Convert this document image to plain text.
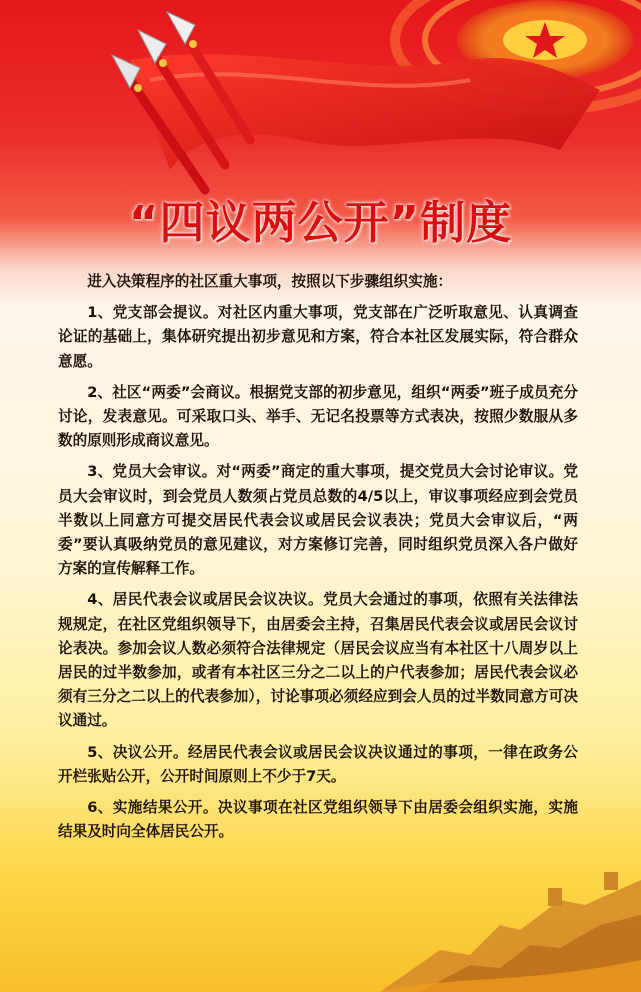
“四议两公开”制度

进入决策程序的社区重大事项，按照以下步骤组织实施：

1、党支部会提议。对社区内重大事项，党支部在广泛听取意见、认真调查论证的基础上，集体研究提出初步意见和方案，符合本社区发展实际，符合群众意愿。

2、社区“两委”会商议。根据党支部的初步意见，组织“两委”班子成员充分讨论，发表意见。可采取口头、举手、无记名投票等方式表决，按照少数服从多数的原则形成商议意见。

3、党员大会审议。对“两委”商定的重大事项，提交党员大会讨论审议。党员大会审议时，到会党员人数须占党员总数的4/5以上，审议事项经应到会党员半数以上同意方可提交居民代表会议或居民会议表决；党员大会审议后，“两委”要认真吸纳党员的意见建议，对方案修订完善，同时组织党员深入各户做好方案的宣传解释工作。

4、居民代表会议或居民会议决议。党员大会通过的事项，依照有关法律法规规定，在社区党组织领导下，由居委会主持，召集居民代表会议或居民会议讨论表决。参加会议人数必须符合法律规定（居民会议应当有本社区十八周岁以上居民的过半数参加，或者有本社区三分之二以上的户代表参加；居民代表会议必须有三分之二以上的代表参加），讨论事项必须经应到会人员的过半数同意方可决议通过。

5、决议公开。经居民代表会议或居民会议决议通过的事项，一律在政务公开栏张贴公开，公开时间原则上不少于7天。

6、实施结果公开。决议事项在社区党组织领导下由居委会组织实施，实施结果及时向全体居民公开。
